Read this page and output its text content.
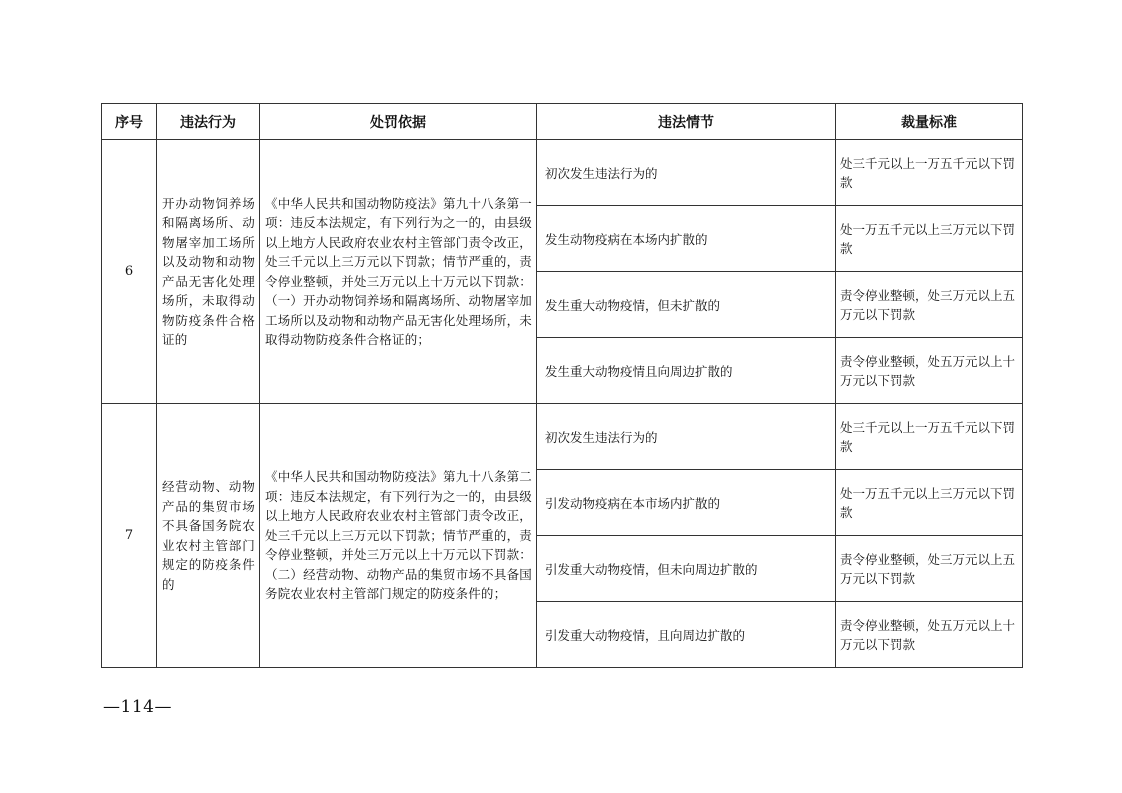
序号	违法行为	处罚依据	违法情节	裁量标准
6	开办动物饲养场和隔离场所、动物屠宰加工场所以及动物和动物产品无害化处理场所，未取得动物防疫条件合格证的	《中华人民共和国动物防疫法》第九十八条第一项：违反本法规定，有下列行为之一的，由县级以上地方人民政府农业农村主管部门责令改正，处三千元以上三万元以下罚款；情节严重的，责令停业整顿，并处三万元以上十万元以下罚款：（一）开办动物饲养场和隔离场所、动物屠宰加工场所以及动物和动物产品无害化处理场所，未取得动物防疫条件合格证的；	初次发生违法行为的	处三千元以上一万五千元以下罚款
			发生动物疫病在本场内扩散的	处一万五千元以上三万元以下罚款
			发生重大动物疫情，但未扩散的	责令停业整顿，处三万元以上五万元以下罚款
			发生重大动物疫情且向周边扩散的	责令停业整顿，处五万元以上十万元以下罚款
7	经营动物、动物产品的集贸市场不具备国务院农业农村主管部门规定的防疫条件的	《中华人民共和国动物防疫法》第九十八条第二项：违反本法规定，有下列行为之一的，由县级以上地方人民政府农业农村主管部门责令改正，处三千元以上三万元以下罚款；情节严重的，责令停业整顿，并处三万元以上十万元以下罚款：（二）经营动物、动物产品的集贸市场不具备国务院农业农村主管部门规定的防疫条件的；	初次发生违法行为的	处三千元以上一万五千元以下罚款
			引发动物疫病在本市场内扩散的	处一万五千元以上三万元以下罚款
			引发重大动物疫情，但未向周边扩散的	责令停业整顿，处三万元以上五万元以下罚款
			引发重大动物疫情，且向周边扩散的	责令停业整顿，处五万元以上十万元以下罚款
—114—
